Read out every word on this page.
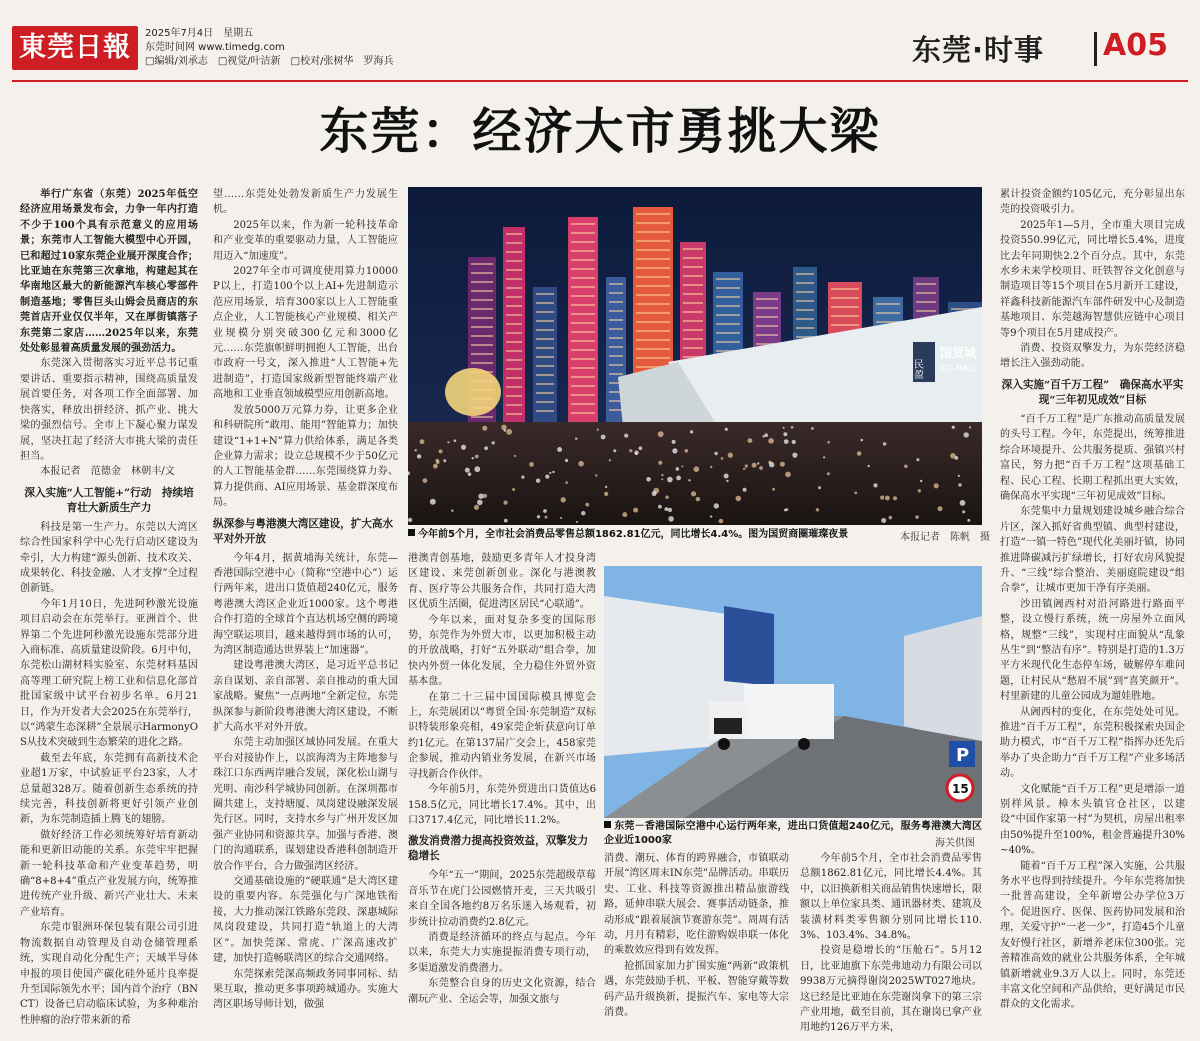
東莞日報	2025年7月4日　星期五
东莞时间网 www.timedg.com
□编辑/刘承志　□视觉/叶洁新　□校对/张树华　罗海兵	东莞·时事 A05
东莞：经济大市勇挑大梁

举行广东省（东莞）2025年低空经济应用场景发布会，力争一年内打造不少于100个具有示范意义的应用场景；东莞市人工智能大模型中心开园，已和超过10家东莞企业展开深度合作；比亚迪在东莞第三次拿地，构建起其在华南地区最大的新能源汽车核心零部件制造基地；零售巨头山姆会员商店的东莞首店开业仅仅半年，又在厚街镇落子东莞第二家店……2025年以来，东莞处处彰显着高质量发展的强劲活力。

东莞深入贯彻落实习近平总书记重要讲话、重要指示精神，围绕高质量发展首要任务，对各项工作全面部署、加快落实，释放出拼经济、抓产业、挑大梁的强烈信号。全市上下凝心聚力谋发展，坚决扛起了经济大市挑大梁的责任担当。

本报记者　范德金　林朝丰/文

深入实施“人工智能+”行动　持续培育壮大新质生产力

科技是第一生产力。东莞以大湾区综合性国家科学中心先行启动区建设为牵引，大力构建“源头创新、技术攻关、成果转化、科技金融、人才支撑”全过程创新链。

今年1月10日，先进阿秒激光设施项目启动会在东莞举行。亚洲首个、世界第二个先进阿秒激光设施东莞部分进入商标准、高质量建设阶段。6月中旬，东莞松山湖材料实验室、东莞材料基因高等理工研究院上榜工业和信息化部首批国家级中试平台初步名单。6月21日，作为开发者大会2025在东莞举行，以“鸿蒙生态深耕”全景展示HarmonyOS从技术突破到生态繁荣的进化之路。

截至去年底，东莞拥有高新技术企业超1万家，中试验证平台23家，人才总量超328万。随着创新生态系统的持续完善，科技创新将更好引领产业创新，为东莞制造插上腾飞的翅膀。

做好经济工作必须统筹好培育新动能和更新旧动能的关系。东莞牢牢把握新一轮科技革命和产业变革趋势，明确“8+8+4”重点产业发展方向，统筹推进传统产业升级、新兴产业壮大、未来产业培育。

东莞市银洲环保包装有限公司引进物流数据自动管理及自动仓储管理系统，实现自动化分配生产；天域半导体申报的项目使国产碳化硅外延片良率提升至国际领先水平；国内首个治疗（BNCT）设备已启动临床试验，为多种难治性肿瘤的治疗带来新的希

望……东莞处处勃发新质生产力发展生机。

2025年以来，作为新一轮科技革命和产业变革的重要驱动力量，人工智能应用迈入“加速度”。

2027年全市可调度使用算力10000P以上，打造100个以上AI+先进制造示范应用场景，培育300家以上人工智能重点企业，人工智能核心产业规模、相关产业规模分别突破300亿元和3000亿元……东莞旗帜鲜明拥抱人工智能，出台市政府一号文，深入推进“人工智能+先进制造”，打造国家级新型智能终端产业高地和工业垂直领域模型应用创新高地。

发放5000万元算力券，让更多企业和科研院所“敢用、能用”智能算力；加快建设“1+1+N”算力供给体系，满足各类企业算力需求；设立总规模不少于50亿元的人工智能基金群……东莞围绕算力券、算力提供商、AI应用场景、基金群深度布局。

纵深参与粤港澳大湾区建设，扩大高水平对外开放

今年4月，据黄埔海关统计，东莞—香港国际空港中心（简称“空港中心”）运行两年来，进出口货值超240亿元，服务粤港澳大湾区企业近1000家。这个粤港合作打造的全球首个直达机场空侧的跨境海空联运项目，越来越得到市场的认可，为湾区制造通达世界装上“加速器”。

建设粤港澳大湾区，是习近平总书记亲自谋划、亲自部署、亲自推动的重大国家战略。聚焦“一点两地”全新定位，东莞纵深参与新阶段粤港澳大湾区建设，不断扩大高水平对外开放。

东莞主动加强区域协同发展。在重大平台对接协作上，以滨海湾为主阵地参与珠江口东西两岸融合发展，深化松山湖与光明、南沙科学城协同创新。在深圳都市圈共建上，支持塘厦、凤岗建设融深发展先行区。同时，支持水乡与广州开发区加强产业协同和资源共享。加强与香港、澳门的沟通联系，谋划建设香港科创制造开放合作平台，合力做强湾区经济。

交通基础设施的“硬联通”是大湾区建设的重要内容。东莞强化与广深地铁衔接，大力推动深江铁路东莞段、深惠城际凤岗段建设，共同打造“轨道上的大湾区”。加快莞深、常虎、广深高速改扩建，加快打造畅联湾区的综合交通网络。

东莞探索莞深高频政务同事同标、结果互取，推动更多事项跨城通办。实施大湾区职场导师计划，做强

民盈
国贸城
DG MALL
今年前5个月，全市社会消费品零售总额1862.81亿元，同比增长4.4%。图为国贸商圈璀璨夜景	本报记者　陈帆　摄

港澳青创基地，鼓励更多青年人才投身湾区建设、来莞创新创业。深化与港澳教育、医疗等公共服务合作，共同打造大湾区优质生活圈，促进湾区居民“心联通”。

今年以来，面对复杂多变的国际形势，东莞作为外贸大市，以更加积极主动的开放战略，打好“五外联动”组合拳，加快内外贸一体化发展，全力稳住外贸外资基本盘。

在第二十三届中国国际模具博览会上，东莞展团以“粤贸全国·东莞制造”双标识特装形象亮相，49家莞企斩获意向订单约1亿元。在第137届广交会上，458家莞企参展，推动内销业务发展，在新兴市场寻找新合作伙伴。

今年前5月，东莞外贸进出口货值达6158.5亿元，同比增长17.4%。其中，出口3717.4亿元，同比增长11.2%。

激发消费潜力提高投资效益，双擎发力稳增长

今年“五一”期间，2025东莞超级草莓音乐节在虎门公园燃情开麦，三天共吸引来自全国各地约8万名乐迷入场观看，初步统计拉动消费约2.8亿元。

消费是经济循环的终点与起点。今年以来，东莞大力实施提振消费专项行动，多渠道激发消费潜力。

东莞整合自身的历史文化资源，结合潮玩产业、全运会等，加强文旅与

P
15
东莞－香港国际空港中心运行两年来，进出口货值超240亿元，服务粤港澳大湾区企业近1000家	海关供图

消费、潮玩、体育的跨界融合，市镇联动开展“湾区周末IN东莞”品牌活动。串联历史、工业、科技等资源推出精品旅游线路，延伸串联大展会、赛事活动链条，推动形成“跟着展演节赛游东莞”。周周有活动，月月有精彩，吃住游购娱串联一体化的乘数效应得到有效发挥。

抢抓国家加力扩围实施“两新”政策机遇，东莞鼓励手机、平板、智能穿戴等数码产品升级换新，提振汽车、家电等大宗消费。

今年前5个月，全市社会消费品零售总额1862.81亿元，同比增长4.4%。其中，以旧换新相关商品销售快速增长，限额以上单位家具类、通讯器材类、建筑及装潢材料类零售额分别同比增长110.3%、103.4%、34.8%。

投资是稳增长的“压舱石”。5月12日，比亚迪旗下东莞弗迪动力有限公司以9938万元摘得谢岗2025WT027地块。这已经是比亚迪在东莞谢岗拿下的第三宗产业用地，截至目前，其在谢岗已拿产业用地约126万平方米，

累计投资金额约105亿元，充分彰显出东莞的投资吸引力。

2025年1—5月，全市重大项目完成投资550.99亿元，同比增长5.4%，进度比去年同期快2.2个百分点。其中，东莞水乡未来学校项目、旺铁智谷文化创意与制造项目等15个项目在5月新开工建设，祥鑫科技新能源汽车部件研发中心及制造基地项目、东莞越海智慧供应链中心项目等9个项目在5月建成投产。

消费、投资双擎发力，为东莞经济稳增长注入强劲动能。

深入实施“百千万工程”　确保高水平实现“三年初见成效”目标

“百千万工程”是广东推动高质量发展的头号工程。今年，东莞提出，统筹推进综合环境提升、公共服务提质、强镇兴村富民，努力把“百千万工程”这项基础工程、民心工程、长期工程抓出更大实效，确保高水平实现“三年初见成效”目标。

东莞集中力量规划建设城乡融合综合片区，深入抓好省典型镇、典型村建设，打造“一镇一特色”现代化美丽圩镇，协同推进降碳减污扩绿增长，打好农房风貌提升、“三线”综合整治、美丽庭院建设“组合拳”，让城市更加干净有序美丽。

沙田镇阇西村对沿河路进行路面平整，设立慢行系统，统一房屋外立面风格，规整“三线”，实现村庄面貌从“乱象丛生”到“整洁有序”。特别是打造的1.3万平方米现代化生态停车场，破解停车难问题，让村民从“愁眉不展”到“喜笑颜开”。村里新建的儿童公园成为遛娃胜地。

从阇西村的变化，在东莞处处可见。推进“百千万工程”，东莞积极探索央国企助力模式，市“百千万工程”指挥办还先后举办了央企助力“百千万工程”产业多场活动。

文化赋能“百千万工程”更是增添一道别样风景。樟木头镇官仓社区，以建设“中国作家第一村”为契机，房屋出租率由50%提升至100%，租金普遍提升30%~40%。

随着“百千万工程”深入实施，公共服务水平也得到持续提升。今年东莞将加快一批普高建设，全年新增公办学位3万个。促进医疗、医保、医药协同发展和治理，关爱守护“一老一少”，打造45个儿童友好慢行社区，新增养老床位300张。完善精准高效的就业公共服务体系，全年城镇新增就业9.3万人以上。同时，东莞还丰富文化空间和产品供给，更好满足市民群众的文化需求。
